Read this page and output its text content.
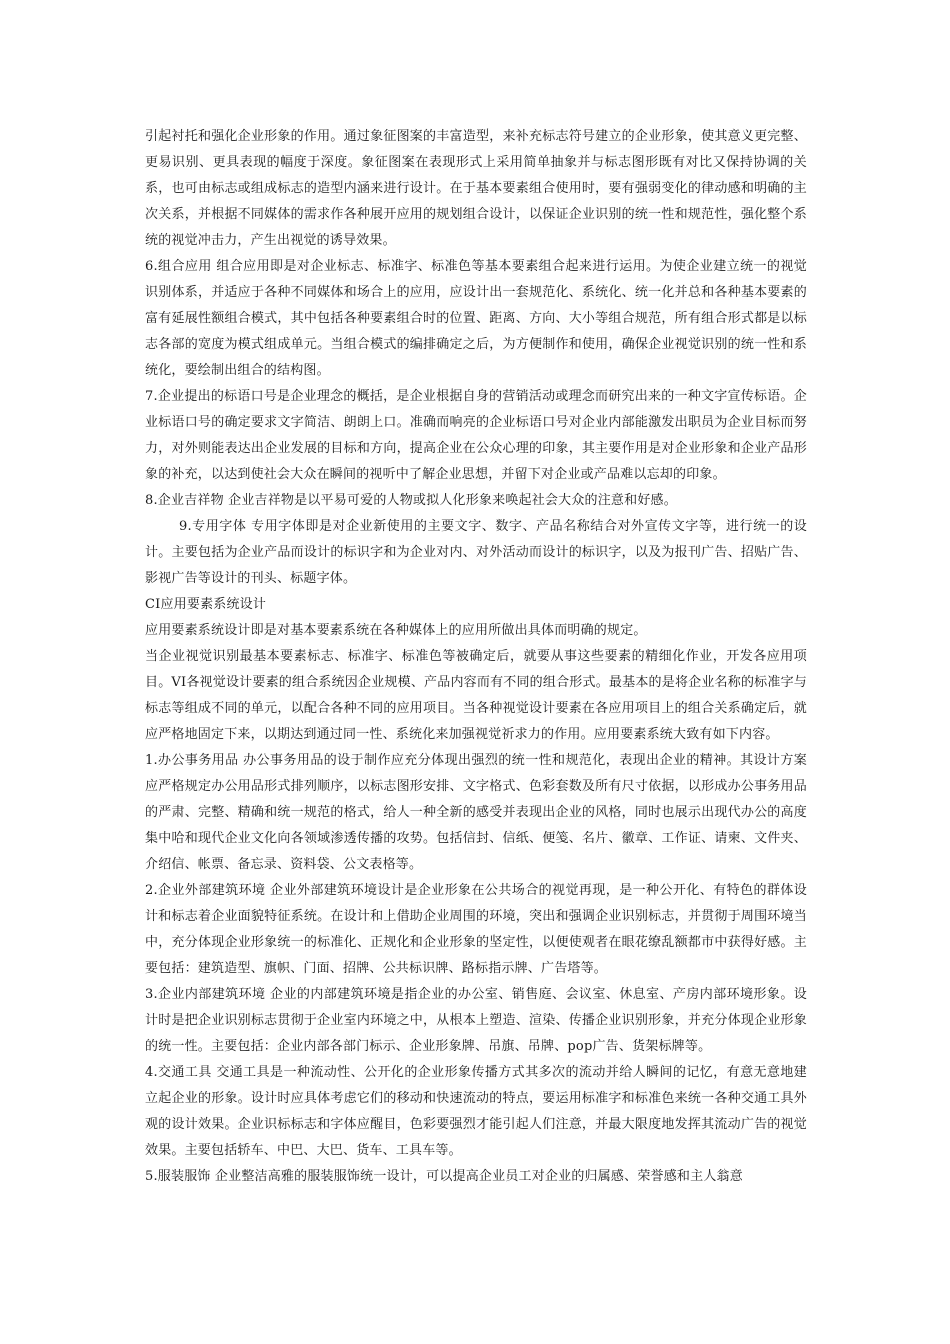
引起衬托和强化企业形象的作用。通过象征图案的丰富造型，来补充标志符号建立的企业形象，使其意义更完整、更易识别、更具表现的幅度于深度。象征图案在表现形式上采用简单抽象并与标志图形既有对比又保持协调的关系，也可由标志或组成标志的造型内涵来进行设计。在于基本要素组合使用时，要有强弱变化的律动感和明确的主次关系，并根据不同媒体的需求作各种展开应用的规划组合设计，以保证企业识别的统一性和规范性，强化整个系统的视觉冲击力，产生出视觉的诱导效果。

6.组合应用 组合应用即是对企业标志、标准字、标准色等基本要素组合起来进行运用。为使企业建立统一的视觉识别体系，并适应于各种不同媒体和场合上的应用，应设计出一套规范化、系统化、统一化并总和各种基本要素的富有延展性额组合模式，其中包括各种要素组合时的位置、距离、方向、大小等组合规范，所有组合形式都是以标志各部的宽度为模式组成单元。当组合模式的编排确定之后，为方便制作和使用，确保企业视觉识别的统一性和系统化，要绘制出组合的结构图。

7.企业提出的标语口号是企业理念的概括，是企业根据自身的营销活动或理念而研究出来的一种文字宣传标语。企业标语口号的确定要求文字简洁、朗朗上口。准确而响亮的企业标语口号对企业内部能激发出职员为企业目标而努力，对外则能表达出企业发展的目标和方向，提高企业在公众心理的印象，其主要作用是对企业形象和企业产品形象的补充，以达到使社会大众在瞬间的视听中了解企业思想，并留下对企业或产品难以忘却的印象。

8.企业吉祥物 企业吉祥物是以平易可爱的人物或拟人化形象来唤起社会大众的注意和好感。

9.专用字体 专用字体即是对企业新使用的主要文字、数字、产品名称结合对外宣传文字等，进行统一的设计。主要包括为企业产品而设计的标识字和为企业对内、对外活动而设计的标识字，以及为报刊广告、招贴广告、影视广告等设计的刊头、标题字体。

CI应用要素系统设计

应用要素系统设计即是对基本要素系统在各种媒体上的应用所做出具体而明确的规定。

当企业视觉识别最基本要素标志、标准字、标准色等被确定后，就要从事这些要素的精细化作业，开发各应用项目。VI各视觉设计要素的组合系统因企业规模、产品内容而有不同的组合形式。最基本的是将企业名称的标准字与标志等组成不同的单元，以配合各种不同的应用项目。当各种视觉设计要素在各应用项目上的组合关系确定后，就应严格地固定下来，以期达到通过同一性、系统化来加强视觉祈求力的作用。应用要素系统大致有如下内容。

1.办公事务用品 办公事务用品的设于制作应充分体现出强烈的统一性和规范化，表现出企业的精神。其设计方案应严格规定办公用品形式排列顺序，以标志图形安排、文字格式、色彩套数及所有尺寸依据，以形成办公事务用品的严肃、完整、精确和统一规范的格式，给人一种全新的感受并表现出企业的风格，同时也展示出现代办公的高度集中哈和现代企业文化向各领域渗透传播的攻势。包括信封、信纸、便笺、名片、徽章、工作证、请柬、文件夹、介绍信、帐票、备忘录、资料袋、公文表格等。

2.企业外部建筑环境 企业外部建筑环境设计是企业形象在公共场合的视觉再现，是一种公开化、有特色的群体设计和标志着企业面貌特征系统。在设计和上借助企业周围的环境，突出和强调企业识别标志，并贯彻于周围环境当中，充分体现企业形象统一的标准化、正规化和企业形象的坚定性，以便使观者在眼花缭乱额都市中获得好感。主要包括：建筑造型、旗帜、门面、招牌、公共标识牌、路标指示牌、广告塔等。

3.企业内部建筑环境 企业的内部建筑环境是指企业的办公室、销售庭、会议室、休息室、产房内部环境形象。设计时是把企业识别标志贯彻于企业室内环境之中，从根本上塑造、渲染、传播企业识别形象，并充分体现企业形象的统一性。主要包括：企业内部各部门标示、企业形象牌、吊旗、吊牌、pop广告、货架标牌等。

4.交通工具 交通工具是一种流动性、公开化的企业形象传播方式其多次的流动并给人瞬间的记忆，有意无意地建立起企业的形象。设计时应具体考虑它们的移动和快速流动的特点，要运用标准字和标准色来统一各种交通工具外观的设计效果。企业识标标志和字体应醒目，色彩要强烈才能引起人们注意，并最大限度地发挥其流动广告的视觉效果。主要包括轿车、中巴、大巴、货车、工具车等。

5.服装服饰 企业整洁高雅的服装服饰统一设计，可以提高企业员工对企业的归属感、荣誉感和主人翁意
